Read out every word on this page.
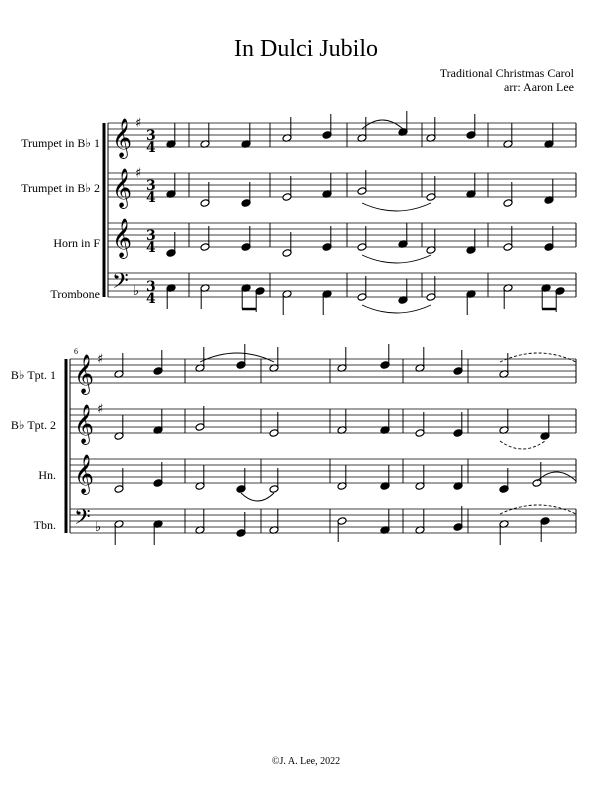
In Dulci Jubilo
Traditional Christmas Carol
arr: Aaron Lee
Trumpet in B♭ 1
Trumpet in B♭ 2
Horn in F
Trombone
B♭ Tpt. 1
B♭ Tpt. 2
Hn.
Tbn.
𝄞
𝄞
𝄞
𝄢
♯
♯
♭
𝄞
𝄞
𝄞
𝄢
♯
♯
♭
3
4
3
4
3
4
3
4
6
©J. A. Lee, 2022
